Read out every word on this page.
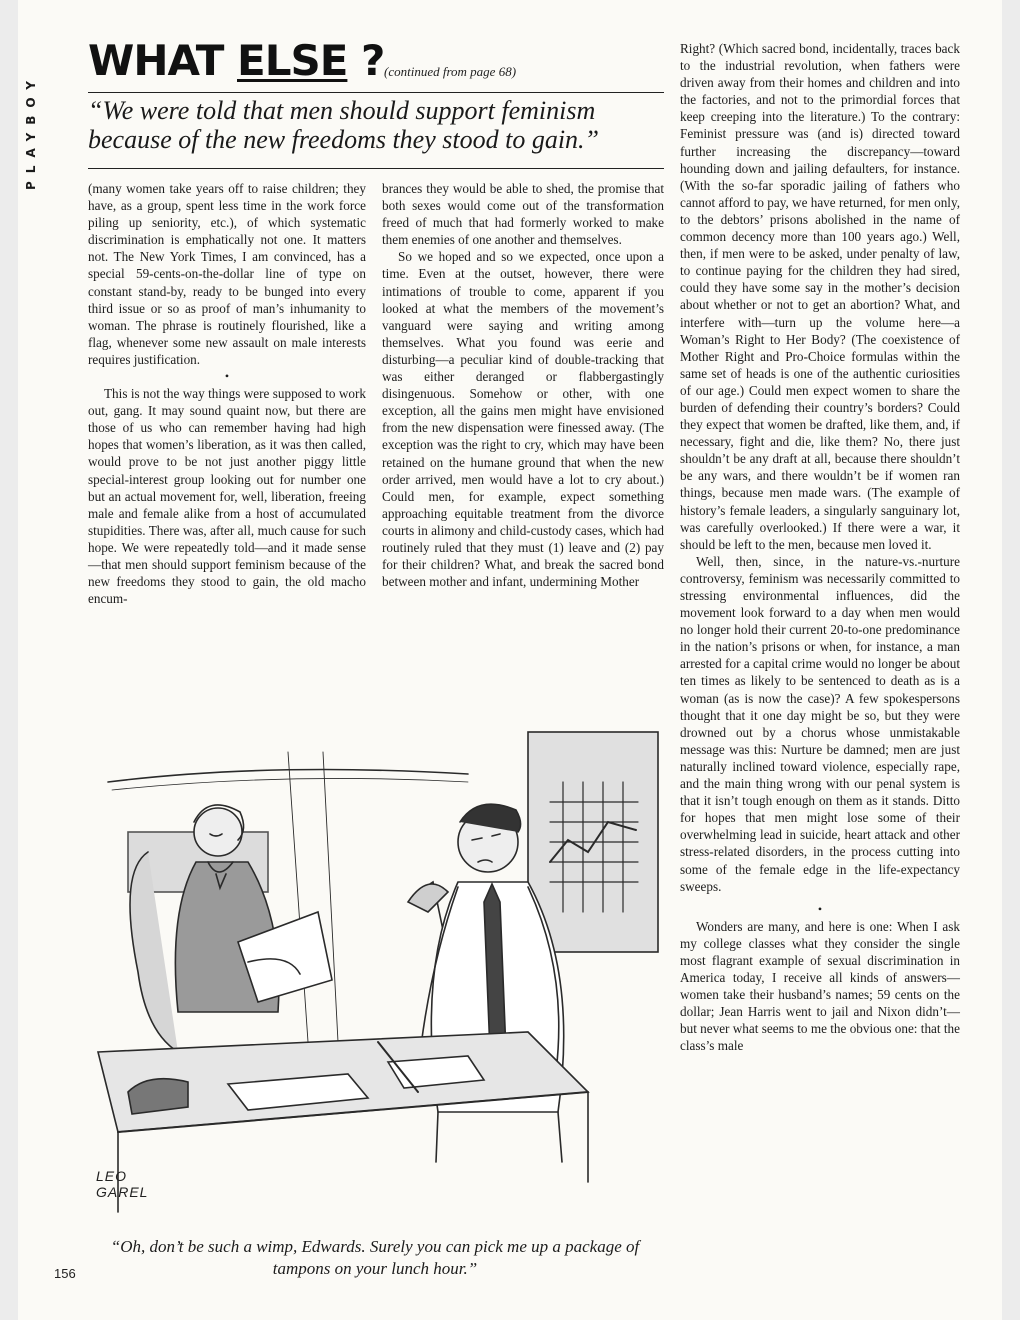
PLAYBOY
WHAT ELSE ? (continued from page 68)
“We were told that men should support feminism because of the new freedoms they stood to gain.”

(many women take years off to raise children; they have, as a group, spent less time in the work force piling up seniority, etc.), of which systematic discrimination is emphatically not one. It matters not. The New York Times, I am convinced, has a special 59-cents-on-the-dollar line of type on constant stand-by, ready to be bunged into every third issue or so as proof of man’s inhumanity to woman. The phrase is routinely flourished, like a flag, whenever some new assault on male interests requires justification.

•

This is not the way things were supposed to work out, gang. It may sound quaint now, but there are those of us who can remember having had high hopes that women’s liberation, as it was then called, would prove to be not just another piggy little special-interest group looking out for number one but an actual movement for, well, liberation, freeing male and female alike from a host of accumulated stupidities. There was, after all, much cause for such hope. We were repeatedly told—and it made sense—that men should support feminism because of the new freedoms they stood to gain, the old macho encum-

brances they would be able to shed, the promise that both sexes would come out of the transformation freed of much that had formerly worked to make them enemies of one another and themselves.

So we hoped and so we expected, once upon a time. Even at the outset, however, there were intimations of trouble to come, apparent if you looked at what the members of the movement’s vanguard were saying and writing among themselves. What you found was eerie and disturbing—a peculiar kind of double-tracking that was either deranged or flabbergastingly disingenuous. Somehow or other, with one exception, all the gains men might have envisioned from the new dispensation were finessed away. (The exception was the right to cry, which may have been retained on the humane ground that when the new order arrived, men would have a lot to cry about.) Could men, for example, expect something approaching equitable treatment from the divorce courts in alimony and child-custody cases, which had routinely ruled that they must (1) leave and (2) pay for their children? What, and break the sacred bond between mother and infant, undermining Mother

Right? (Which sacred bond, incidentally, traces back to the industrial revolution, when fathers were driven away from their homes and children and into the factories, and not to the primordial forces that keep creeping into the literature.) To the contrary: Feminist pressure was (and is) directed toward further increasing the discrepancy—toward hounding down and jailing defaulters, for instance. (With the so-far sporadic jailing of fathers who cannot afford to pay, we have returned, for men only, to the debtors’ prisons abolished in the name of common decency more than 100 years ago.) Well, then, if men were to be asked, under penalty of law, to continue paying for the children they had sired, could they have some say in the mother’s decision about whether or not to get an abortion? What, and interfere with—turn up the volume here—a Woman’s Right to Her Body? (The coexistence of Mother Right and Pro-Choice formulas within the same set of heads is one of the authentic curiosities of our age.) Could men expect women to share the burden of defending their country’s borders? Could they expect that women be drafted, like them, and, if necessary, fight and die, like them? No, there just shouldn’t be any draft at all, because there shouldn’t be any wars, and there wouldn’t be if women ran things, because men made wars. (The example of history’s female leaders, a singularly sanguinary lot, was carefully overlooked.) If there were a war, it should be left to the men, because men loved it.

Well, then, since, in the nature-vs.-nurture controversy, feminism was necessarily committed to stressing environmental influences, did the movement look forward to a day when men would no longer hold their current 20-to-one predominance in the nation’s prisons or when, for instance, a man arrested for a capital crime would no longer be about ten times as likely to be sentenced to death as is a woman (as is now the case)? A few spokespersons thought that it one day might be so, but they were drowned out by a chorus whose unmistakable message was this: Nurture be damned; men are just naturally inclined toward violence, especially rape, and the main thing wrong with our penal system is that it isn’t tough enough on them as it stands. Ditto for hopes that men might lose some of their overwhelming lead in suicide, heart attack and other stress-related disorders, in the process cutting into some of the female edge in the life-expectancy sweeps.

•

Wonders are many, and here is one: When I ask my college classes what they consider the single most flagrant example of sexual discrimination in America today, I receive all kinds of answers—women take their husband’s names; 59 cents on the dollar; Jean Harris went to jail and Nixon didn’t—but never what seems to me the obvious one: that the class’s male

LEO
GAREL
“Oh, don’t be such a wimp, Edwards. Surely you can pick me up a package of tampons on your lunch hour.”
156
